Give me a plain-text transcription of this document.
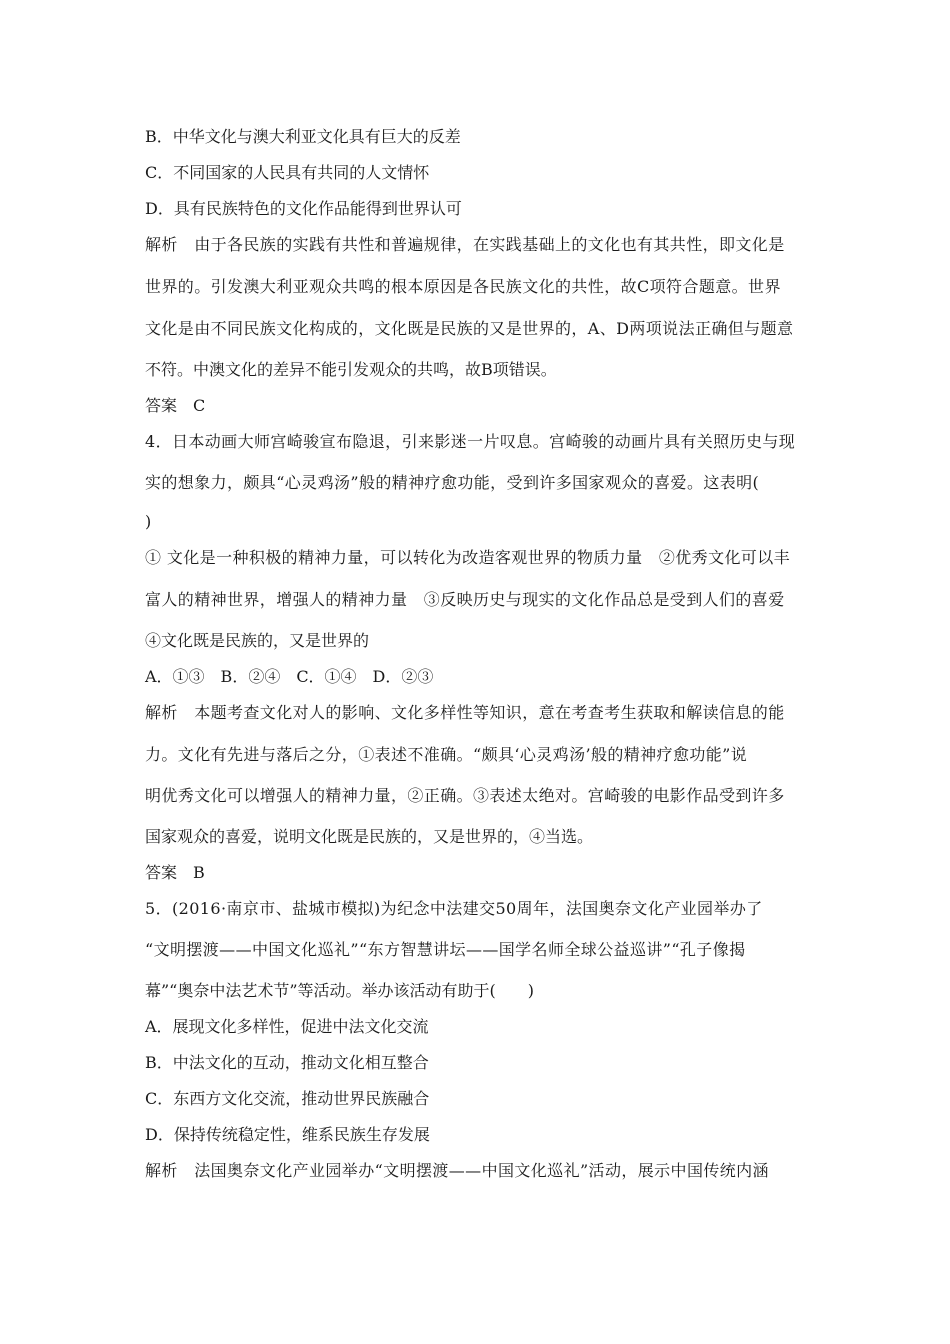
B．中华文化与澳大利亚文化具有巨大的反差
C．不同国家的人民具有共同的人文情怀
D．具有民族特色的文化作品能得到世界认可
解析　由于各民族的实践有共性和普遍规律，在实践基础上的文化也有其共性，即文化是
世界的。引发澳大利亚观众共鸣的根本原因是各民族文化的共性，故C项符合题意。世界
文化是由不同民族文化构成的，文化既是民族的又是世界的，A、D两项说法正确但与题意
不符。中澳文化的差异不能引发观众的共鸣，故B项错误。
答案　C
4．日本动画大师宫崎骏宣布隐退，引来影迷一片叹息。宫崎骏的动画片具有关照历史与现
实的想象力，颇具“心灵鸡汤”般的精神疗愈功能，受到许多国家观众的喜爱。这表明(
)
① 文化是一种积极的精神力量，可以转化为改造客观世界的物质力量　②优秀文化可以丰
富人的精神世界，增强人的精神力量　③反映历史与现实的文化作品总是受到人们的喜爱
④文化既是民族的，又是世界的
A．①③　B．②④　C．①④　D．②③
解析　本题考查文化对人的影响、文化多样性等知识，意在考查考生获取和解读信息的能
力。文化有先进与落后之分，①表述不准确。“颇具‘心灵鸡汤’般的精神疗愈功能”说
明优秀文化可以增强人的精神力量，②正确。③表述太绝对。宫崎骏的电影作品受到许多
国家观众的喜爱，说明文化既是民族的，又是世界的，④当选。
答案　B
5．(2016·南京市、盐城市模拟)为纪念中法建交50周年，法国奥奈文化产业园举办了
“文明摆渡——中国文化巡礼”“东方智慧讲坛——国学名师全球公益巡讲”“孔子像揭
幕”“奥奈中法艺术节”等活动。举办该活动有助于(　　)
A．展现文化多样性，促进中法文化交流
B．中法文化的互动，推动文化相互整合
C．东西方文化交流，推动世界民族融合
D．保持传统稳定性，维系民族生存发展
解析　法国奥奈文化产业园举办“文明摆渡——中国文化巡礼”活动，展示中国传统内涵
